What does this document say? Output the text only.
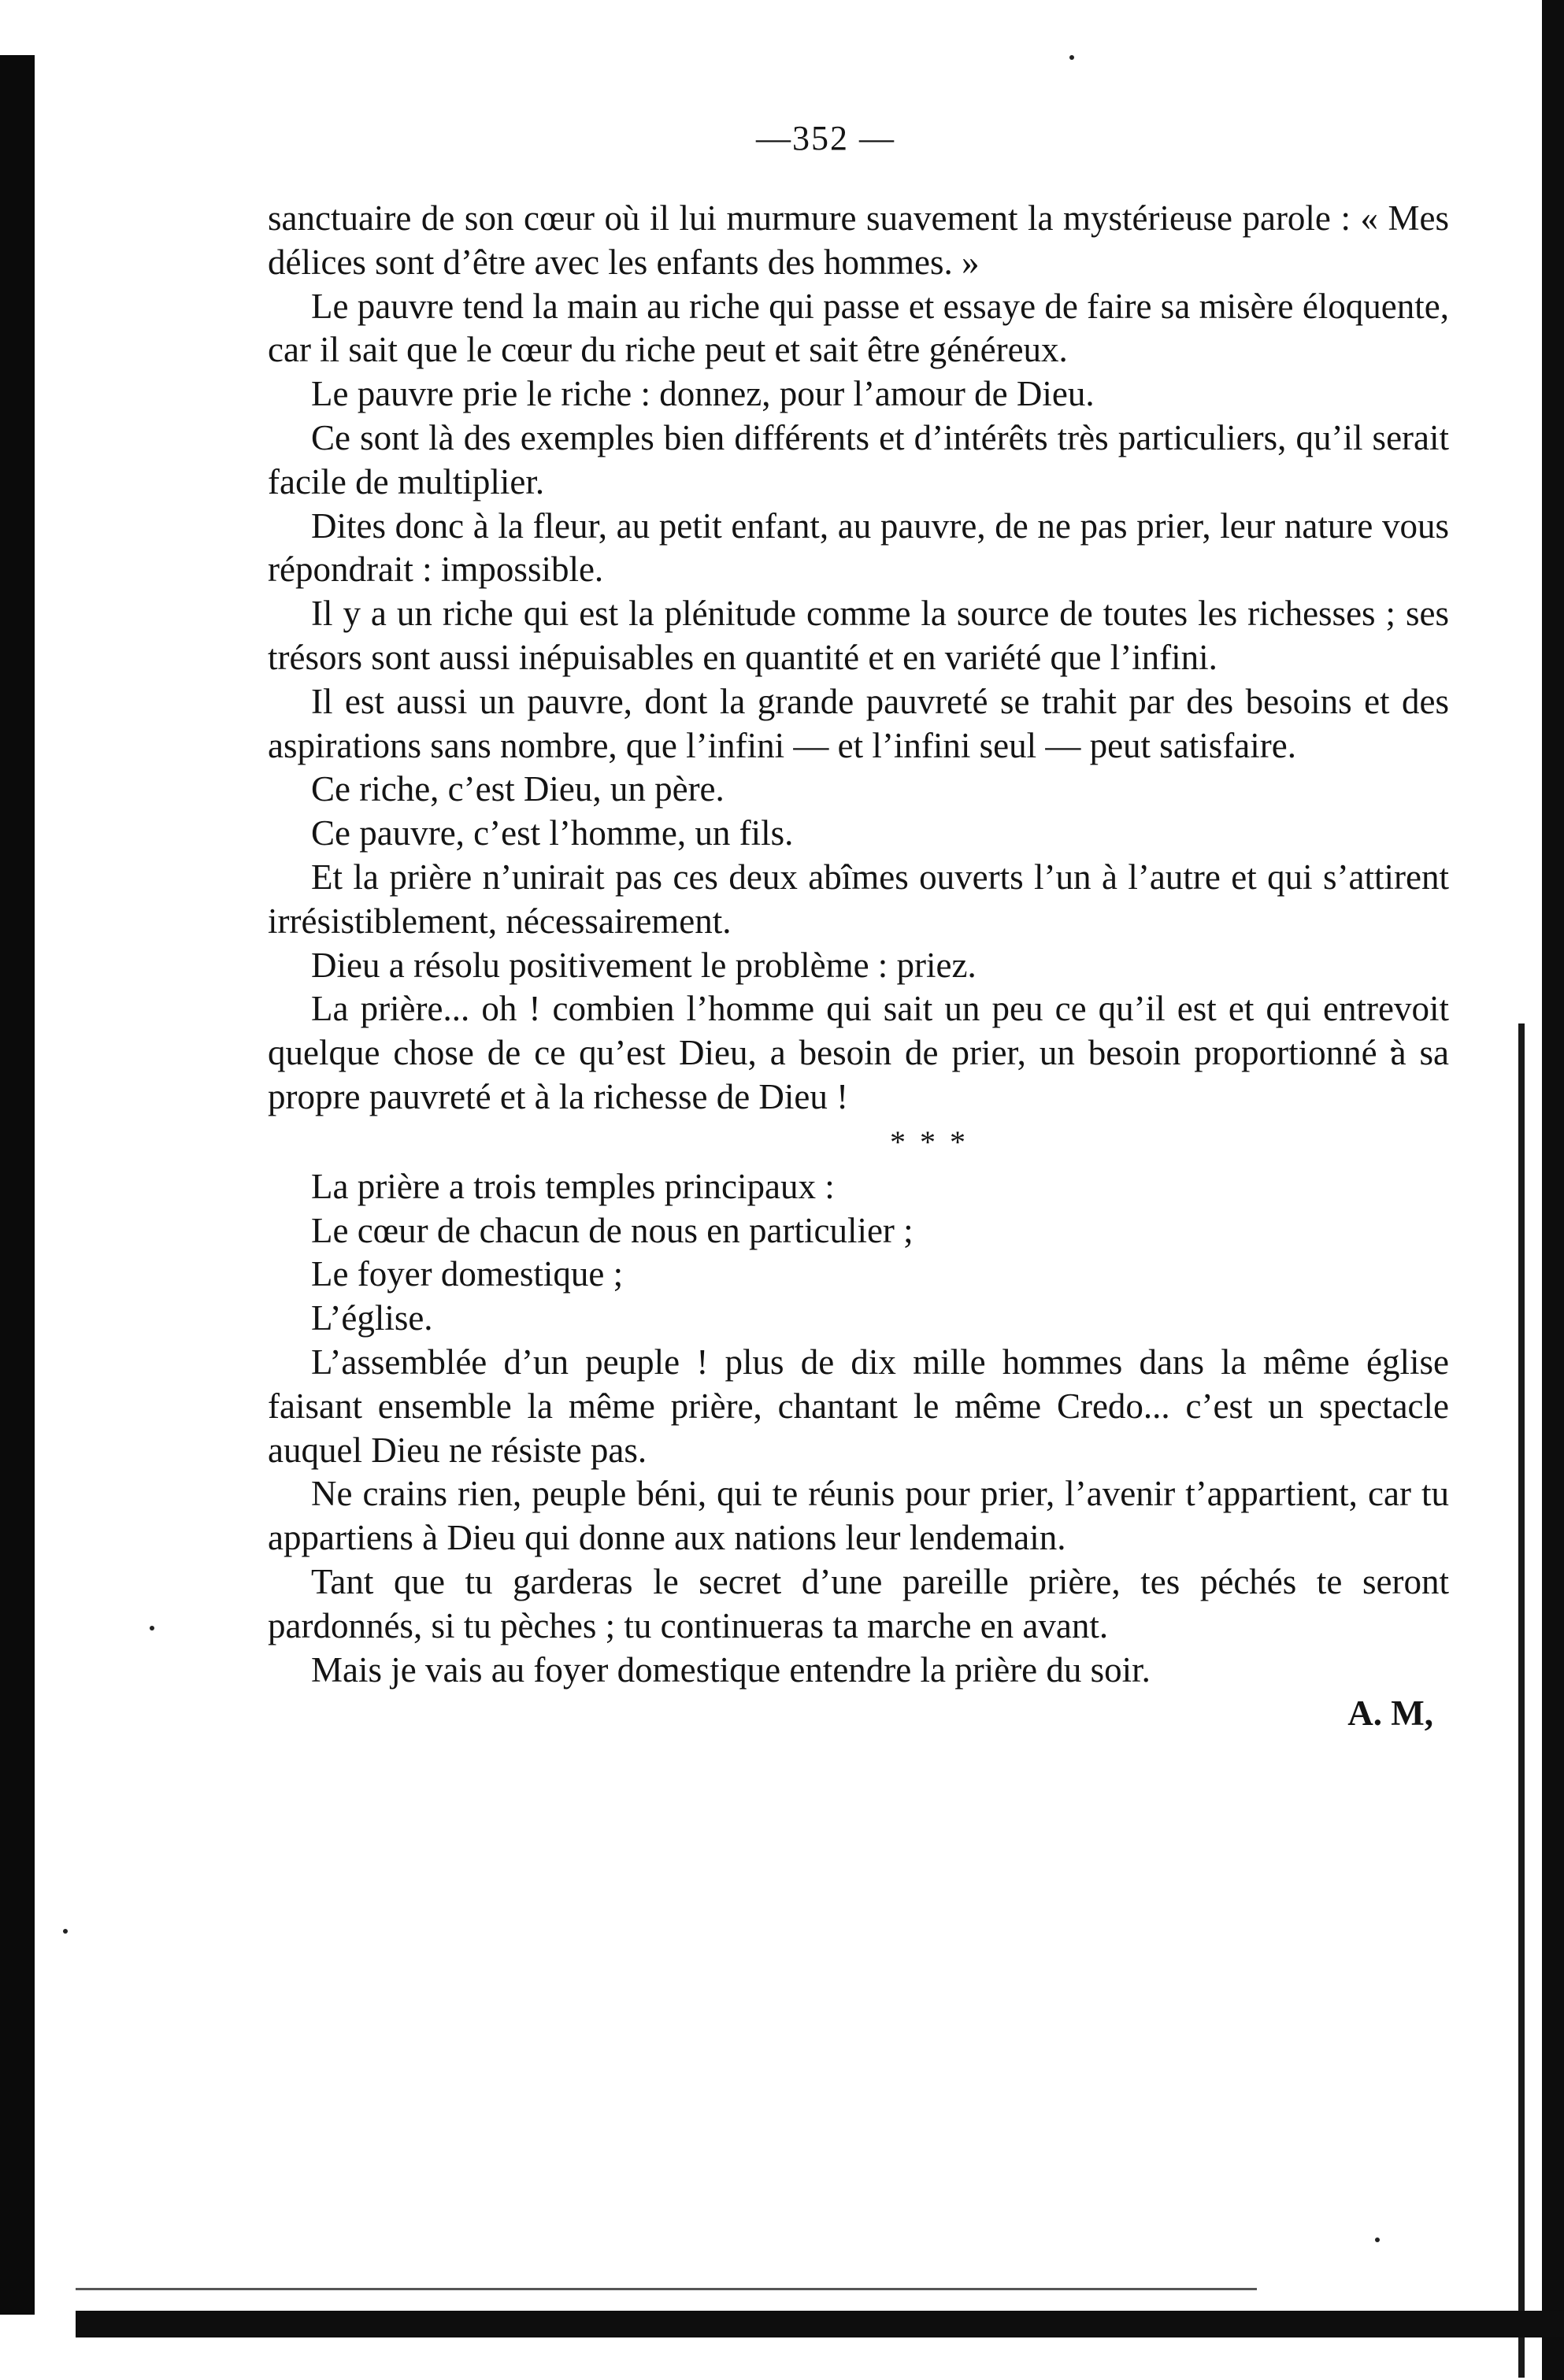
—352 —

sanctuaire de son cœur où il lui murmure suavement la mystérieuse parole : « Mes délices sont d’être avec les enfants des hommes. »

Le pauvre tend la main au riche qui passe et essaye de faire sa misère éloquente, car il sait que le cœur du riche peut et sait être généreux.

Le pauvre prie le riche : donnez, pour l’amour de Dieu.

Ce sont là des exemples bien différents et d’intérêts très particuliers, qu’il serait facile de multiplier.

Dites donc à la fleur, au petit enfant, au pauvre, de ne pas prier, leur nature vous répondrait : impossible.

Il y a un riche qui est la plénitude comme la source de toutes les richesses ; ses trésors sont aussi inépuisables en quantité et en variété que l’infini.

Il est aussi un pauvre, dont la grande pauvreté se trahit par des besoins et des aspirations sans nombre, que l’infini — et l’infini seul — peut satisfaire.

Ce riche, c’est Dieu, un père.

Ce pauvre, c’est l’homme, un fils.

Et la prière n’unirait pas ces deux abîmes ouverts l’un à l’autre et qui s’attirent irrésistiblement, nécessairement.

Dieu a résolu positivement le problème : priez.

La prière... oh ! combien l’homme qui sait un peu ce qu’il est et qui entrevoit quelque chose de ce qu’est Dieu, a besoin de prier, un besoin proportionné à sa propre pauvreté et à la richesse de Dieu !

* * *

La prière a trois temples principaux :

Le cœur de chacun de nous en particulier ;

Le foyer domestique ;

L’église.

L’assemblée d’un peuple ! plus de dix mille hommes dans la même église faisant ensemble la même prière, chantant le même Credo... c’est un spectacle auquel Dieu ne résiste pas.

Ne crains rien, peuple béni, qui te réunis pour prier, l’avenir t’appartient, car tu appartiens à Dieu qui donne aux nations leur lendemain.

Tant que tu garderas le secret d’une pareille prière, tes péchés te seront pardonnés, si tu pèches ; tu continueras ta marche en avant.

Mais je vais au foyer domestique entendre la prière du soir.

A. M,
